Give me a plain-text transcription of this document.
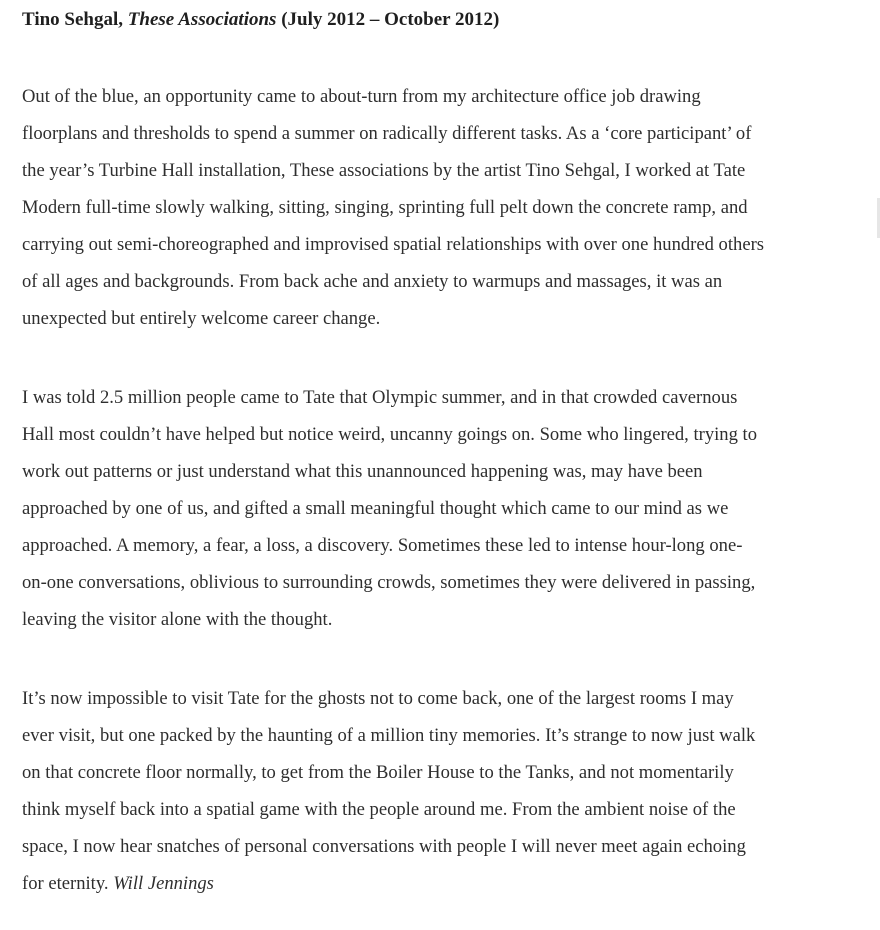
Tino Sehgal, These Associations (July 2012 – October 2012)

Out of the blue, an opportunity came to about-turn from my architecture office job drawing
floorplans and thresholds to spend a summer on radically different tasks. As a ‘core participant’ of
the year’s Turbine Hall installation, These associations by the artist Tino Sehgal, I worked at Tate
Modern full-time slowly walking, sitting, singing, sprinting full pelt down the concrete ramp, and
carrying out semi-choreographed and improvised spatial relationships with over one hundred others
of all ages and backgrounds. From back ache and anxiety to warmups and massages, it was an
unexpected but entirely welcome career change.

I was told 2.5 million people came to Tate that Olympic summer, and in that crowded cavernous
Hall most couldn’t have helped but notice weird, uncanny goings on. Some who lingered, trying to
work out patterns or just understand what this unannounced happening was, may have been
approached by one of us, and gifted a small meaningful thought which came to our mind as we
approached. A memory, a fear, a loss, a discovery. Sometimes these led to intense hour-long one-
on-one conversations, oblivious to surrounding crowds, sometimes they were delivered in passing,
leaving the visitor alone with the thought.

It’s now impossible to visit Tate for the ghosts not to come back, one of the largest rooms I may
ever visit, but one packed by the haunting of a million tiny memories. It’s strange to now just walk
on that concrete floor normally, to get from the Boiler House to the Tanks, and not momentarily
think myself back into a spatial game with the people around me. From the ambient noise of the
space, I now hear snatches of personal conversations with people I will never meet again echoing
for eternity. Will Jennings
